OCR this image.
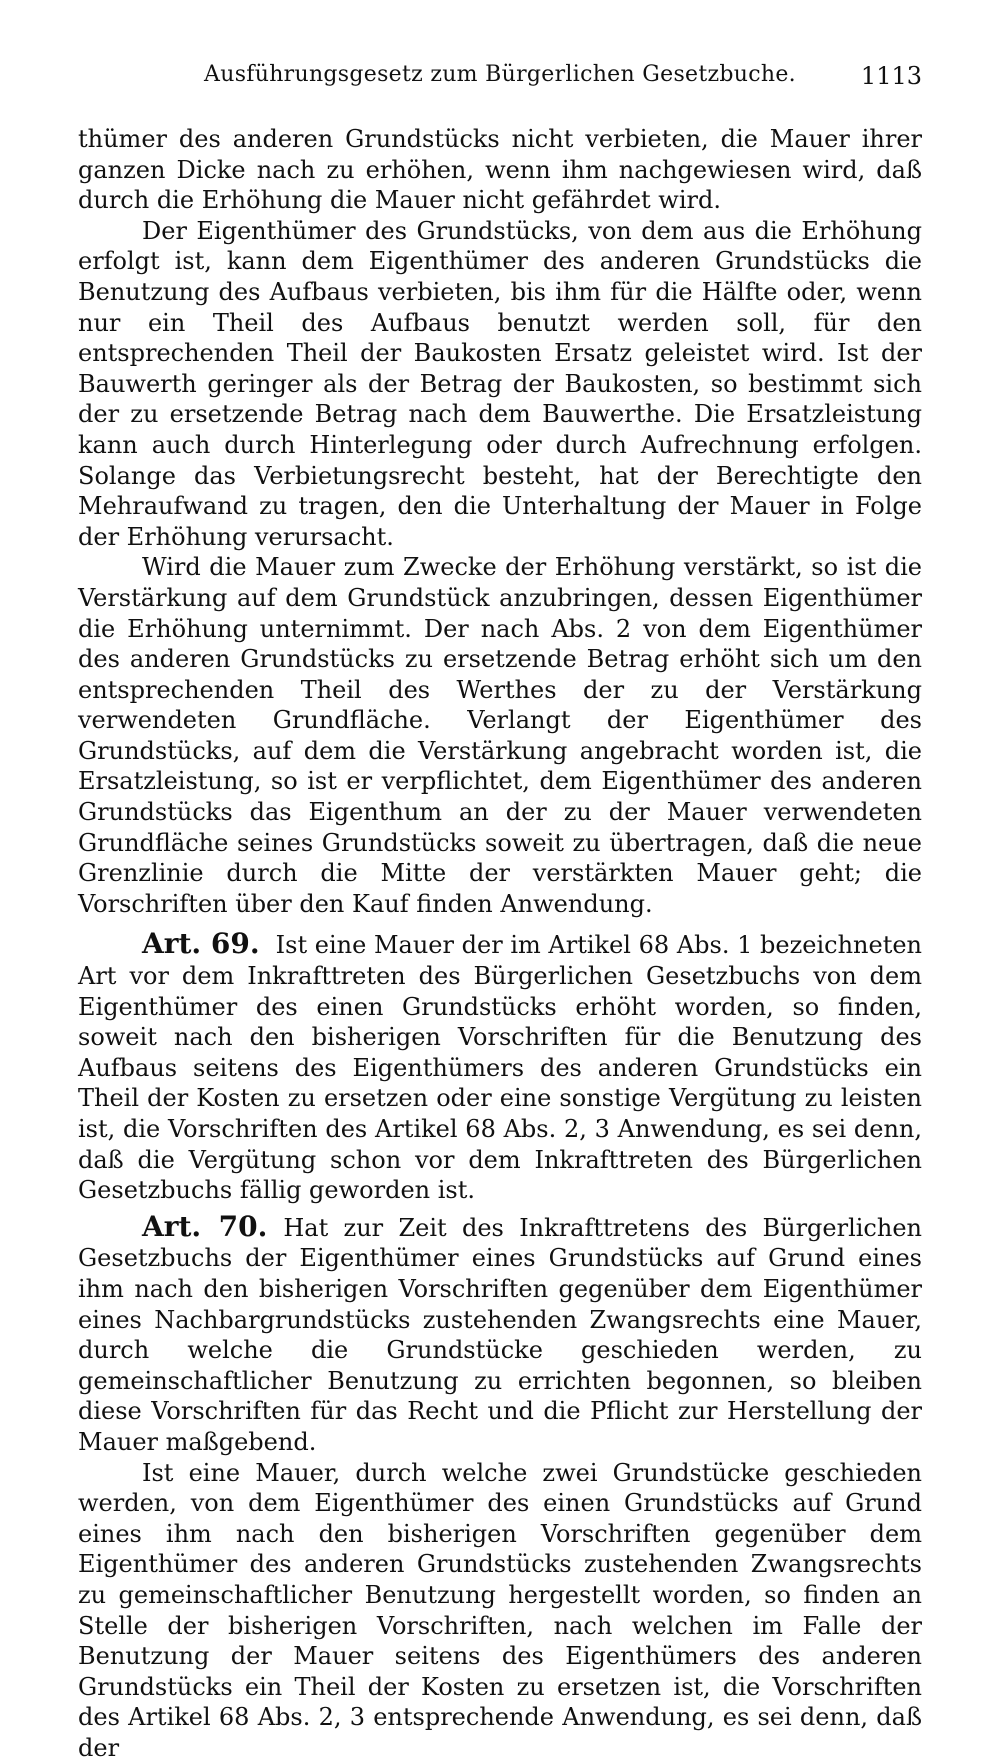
Ausführungsgesetz zum Bürgerlichen Gesetzbuche.	1113

thümer des anderen Grundstücks nicht verbieten, die Mauer ihrer ganzen Dicke nach zu erhöhen, wenn ihm nachgewiesen wird, daß durch die Erhöhung die Mauer nicht gefährdet wird.

Der Eigenthümer des Grundstücks, von dem aus die Erhöhung erfolgt ist, kann dem Eigenthümer des anderen Grundstücks die Benutzung des Aufbaus verbieten, bis ihm für die Hälfte oder, wenn nur ein Theil des Aufbaus benutzt werden soll, für den entsprechenden Theil der Baukosten Ersatz geleistet wird. Ist der Bauwerth geringer als der Betrag der Baukosten, so bestimmt sich der zu ersetzende Betrag nach dem Bauwerthe. Die Ersatzleistung kann auch durch Hinterlegung oder durch Aufrechnung erfolgen. Solange das Verbietungsrecht besteht, hat der Berechtigte den Mehraufwand zu tragen, den die Unterhaltung der Mauer in Folge der Erhöhung verursacht.

Wird die Mauer zum Zwecke der Erhöhung verstärkt, so ist die Verstärkung auf dem Grundstück anzubringen, dessen Eigenthümer die Erhöhung unternimmt. Der nach Abs. 2 von dem Eigenthümer des anderen Grundstücks zu ersetzende Betrag erhöht sich um den entsprechenden Theil des Werthes der zu der Verstärkung verwendeten Grundfläche. Verlangt der Eigenthümer des Grundstücks, auf dem die Verstärkung angebracht worden ist, die Ersatzleistung, so ist er verpflichtet, dem Eigenthümer des anderen Grundstücks das Eigenthum an der zu der Mauer verwendeten Grundfläche seines Grundstücks soweit zu übertragen, daß die neue Grenzlinie durch die Mitte der verstärkten Mauer geht; die Vorschriften über den Kauf finden Anwendung.

Art. 69. Ist eine Mauer der im Artikel 68 Abs. 1 bezeichneten Art vor dem Inkrafttreten des Bürgerlichen Gesetzbuchs von dem Eigenthümer des einen Grundstücks erhöht worden, so finden, soweit nach den bisherigen Vorschriften für die Benutzung des Aufbaus seitens des Eigenthümers des anderen Grundstücks ein Theil der Kosten zu ersetzen oder eine sonstige Vergütung zu leisten ist, die Vorschriften des Artikel 68 Abs. 2, 3 Anwendung, es sei denn, daß die Vergütung schon vor dem Inkrafttreten des Bürgerlichen Gesetzbuchs fällig geworden ist.

Art. 70. Hat zur Zeit des Inkrafttretens des Bürgerlichen Gesetzbuchs der Eigenthümer eines Grundstücks auf Grund eines ihm nach den bisherigen Vorschriften gegenüber dem Eigenthümer eines Nachbargrundstücks zustehenden Zwangsrechts eine Mauer, durch welche die Grundstücke geschieden werden, zu gemeinschaftlicher Benutzung zu errichten begonnen, so bleiben diese Vorschriften für das Recht und die Pflicht zur Herstellung der Mauer maßgebend.

Ist eine Mauer, durch welche zwei Grundstücke geschieden werden, von dem Eigenthümer des einen Grundstücks auf Grund eines ihm nach den bisherigen Vorschriften gegenüber dem Eigenthümer des anderen Grundstücks zustehenden Zwangsrechts zu gemeinschaftlicher Benutzung hergestellt worden, so finden an Stelle der bisherigen Vorschriften, nach welchen im Falle der Benutzung der Mauer seitens des Eigenthümers des anderen Grundstücks ein Theil der Kosten zu ersetzen ist, die Vorschriften des Artikel 68 Abs. 2, 3 entsprechende Anwendung, es sei denn, daß der
